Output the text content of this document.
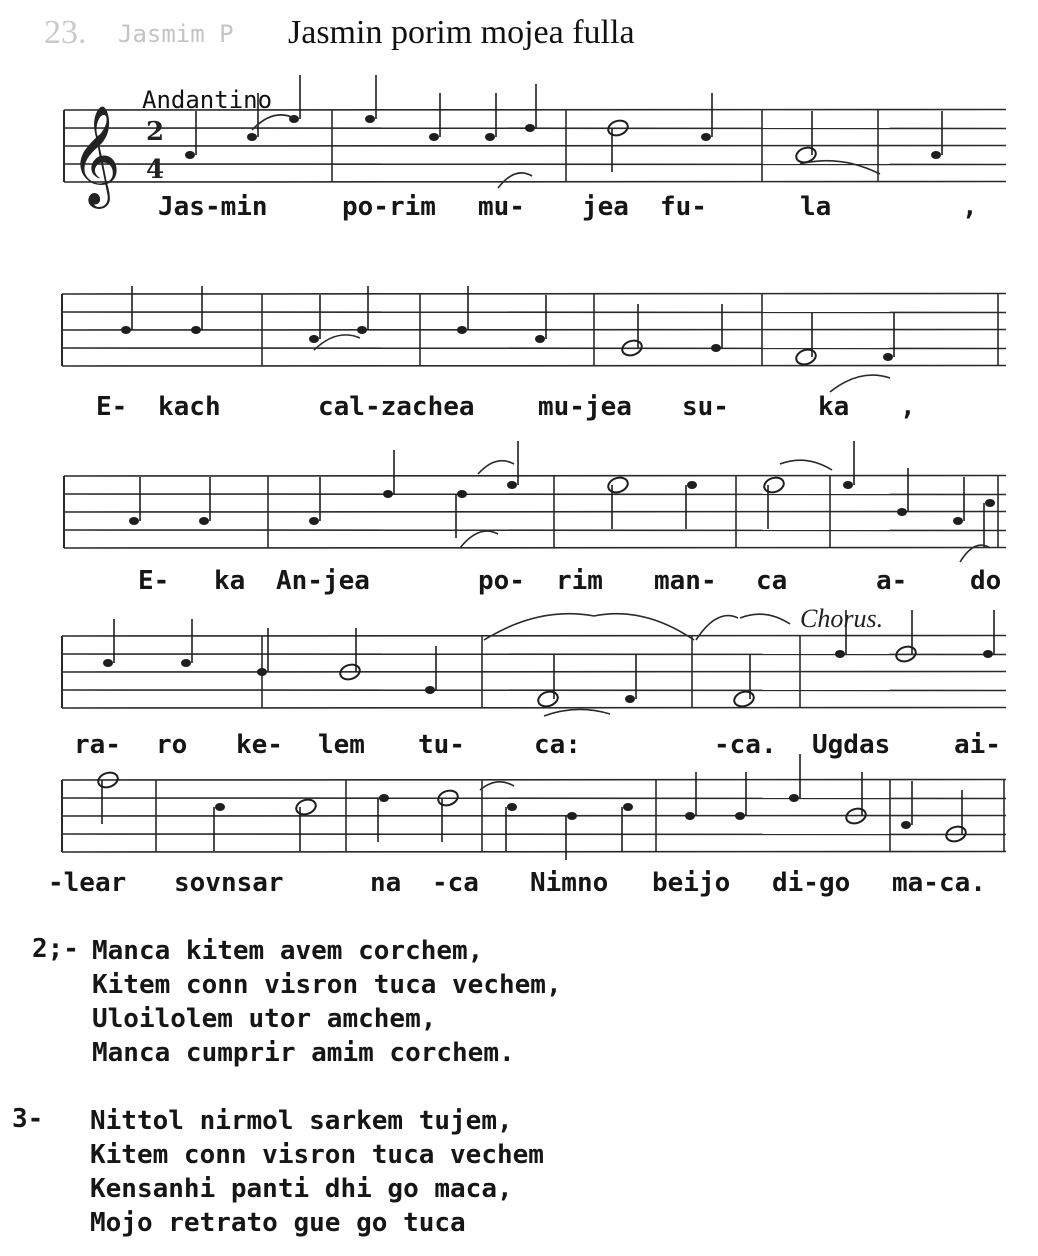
23. Jasmim P Jasmin porim mojea fulla
Andantino
𝄞 2
4
Jas-min	po-rim mu- jea fu-	la	,
E- kach	cal-zachea mu-jea su-	ka ,
E- ka An-jea	po- rim man- ca	a- do
ra- ro ke- lem tu-	ca:	-ca. Ugdas ai-
-lear sovnsar	na -ca Nimno beijo di-go ma-ca.
Chorus.
2;- Manca kitem avem corchem,
Kitem conn visron tuca vechem,
Uloilolem utor amchem,
Manca cumprir amim corchem.
3- Nittol nirmol sarkem tujem,
Kitem conn visron tuca vechem
Kensanhi panti dhi go maca,
Mojo retrato gue go tuca
